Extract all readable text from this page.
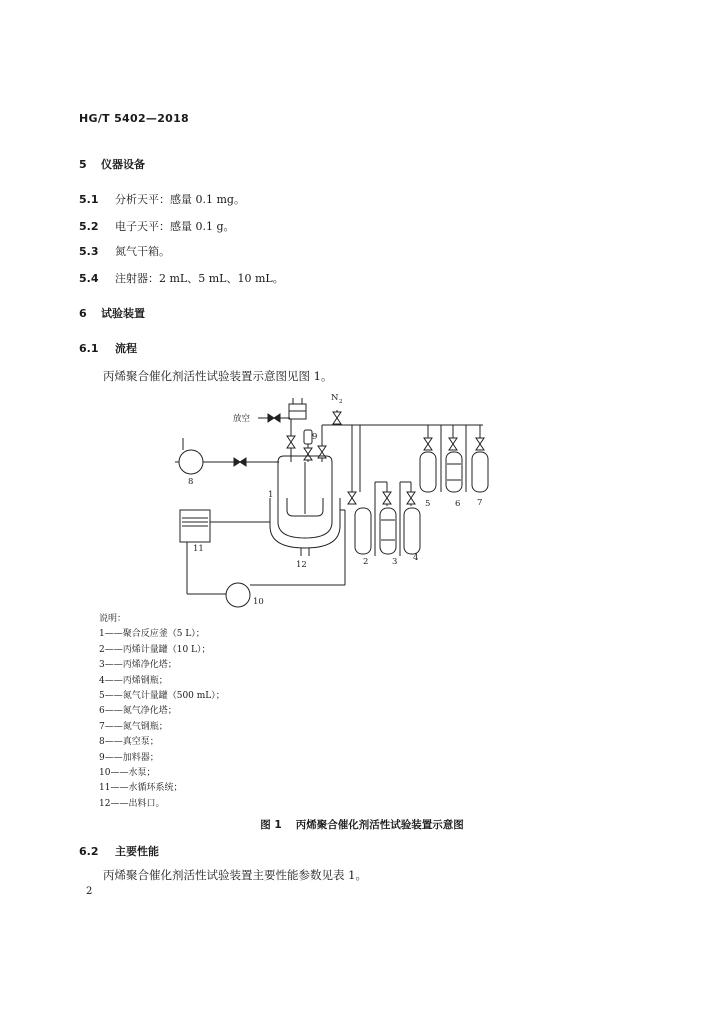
HG/T 5402—2018
5 仪器设备
5.1 分析天平：感量 0.1 mg。
5.2 电子天平：感量 0.1 g。
5.3 氮气干箱。
5.4 注射器：2 mL、5 mL、10 mL。
6 试验装置
6.1 流程
丙烯聚合催化剂活性试验装置示意图见图 1。
放空
N 2
1
2	3 4
5	6 7
8
9
10
11
12
说明：
1——聚合反应釜（5 L）；
2——丙烯计量罐（10 L）；
3——丙烯净化塔；
4——丙烯钢瓶；
5——氮气计量罐（500 mL）；
6——氮气净化塔；
7——氮气钢瓶；
8——真空泵；
9——加料器；
10——水泵；
11——水循环系统；
12——出料口。
图 1 丙烯聚合催化剂活性试验装置示意图
6.2 主要性能
丙烯聚合催化剂活性试验装置主要性能参数见表 1。
2
